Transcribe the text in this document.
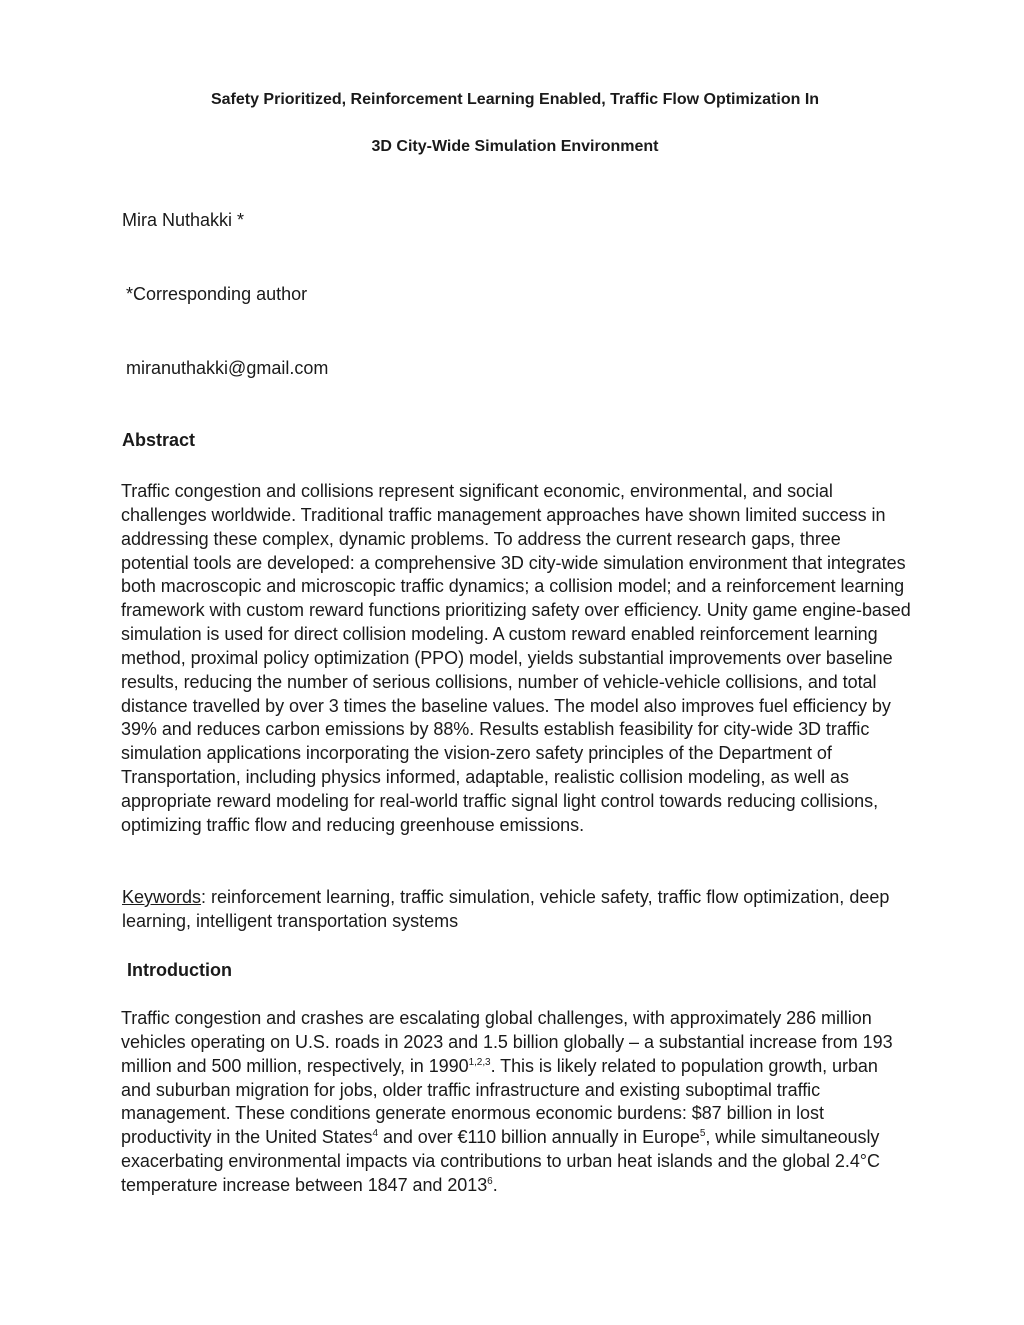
Safety Prioritized, Reinforcement Learning Enabled, Traffic Flow Optimization In

3D City-Wide Simulation Environment

Mira Nuthakki *

*Corresponding author

miranuthakki@gmail.com

Abstract

Traffic congestion and collisions represent significant economic, environmental, and social challenges worldwide. Traditional traffic management approaches have shown limited success in addressing these complex, dynamic problems. To address the current research gaps, three potential tools are developed: a comprehensive 3D city-wide simulation environment that integrates both macroscopic and microscopic traffic dynamics; a collision model; and a reinforcement learning framework with custom reward functions prioritizing safety over efficiency. Unity game engine-based simulation is used for direct collision modeling. A custom reward enabled reinforcement learning method, proximal policy optimization (PPO) model, yields substantial improvements over baseline results, reducing the number of serious collisions, number of vehicle-vehicle collisions, and total distance travelled by over 3 times the baseline values. The model also improves fuel efficiency by 39% and reduces carbon emissions by 88%. Results establish feasibility for city-wide 3D traffic simulation applications incorporating the vision-zero safety principles of the Department of Transportation, including physics informed, adaptable, realistic collision modeling, as well as appropriate reward modeling for real-world traffic signal light control towards reducing collisions, optimizing traffic flow and reducing greenhouse emissions.

Keywords: reinforcement learning, traffic simulation, vehicle safety, traffic flow optimization, deep learning, intelligent transportation systems

Introduction

Traffic congestion and crashes are escalating global challenges, with approximately 286 million vehicles operating on U.S. roads in 2023 and 1.5 billion globally – a substantial increase from 193 million and 500 million, respectively, in 1990$^{1,2,3}$. This is likely related to population growth, urban and suburban migration for jobs, older traffic infrastructure and existing suboptimal traffic management. These conditions generate enormous economic burdens: $87 billion in lost productivity in the United States$^4$ and over €110 billion annually in Europe$^5$, while simultaneously exacerbating environmental impacts via contributions to urban heat islands and the global 2.4°C temperature increase between 1847 and 2013$^6$.
